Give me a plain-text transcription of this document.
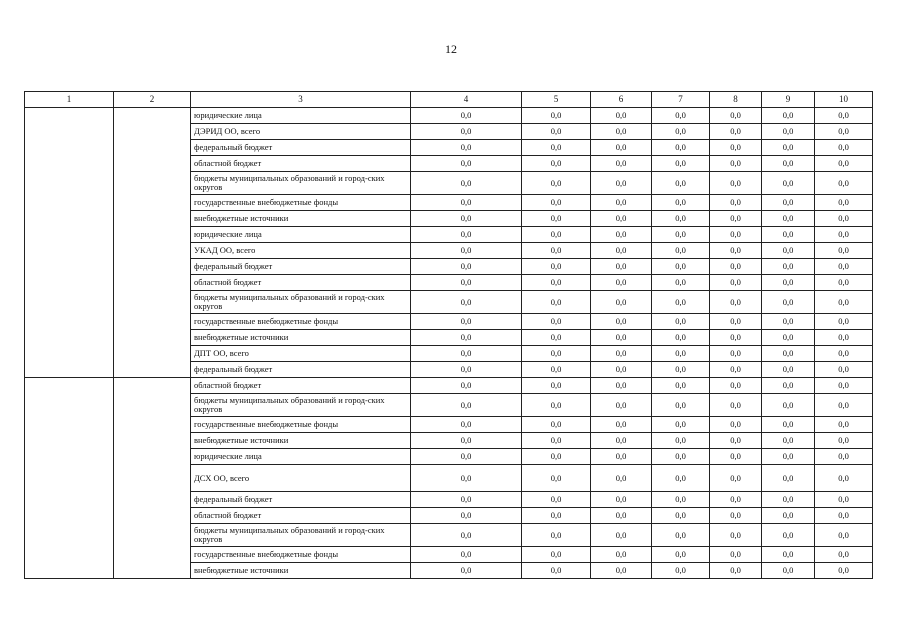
12
1	2	3	4	5	6	7	8	9	10
		юридические лица	0,0	0,0	0,0	0,0	0,0	0,0	0,0
		ДЭРИД ОО, всего	0,0	0,0	0,0	0,0	0,0	0,0	0,0
		федеральный бюджет	0,0	0,0	0,0	0,0	0,0	0,0	0,0
		областной бюджет	0,0	0,0	0,0	0,0	0,0	0,0	0,0
		бюджеты муниципальных образований и город-ских округов	0,0	0,0	0,0	0,0	0,0	0,0	0,0
		государственные внебюджетные фонды	0,0	0,0	0,0	0,0	0,0	0,0	0,0
		внебюджетные источники	0,0	0,0	0,0	0,0	0,0	0,0	0,0
		юридические лица	0,0	0,0	0,0	0,0	0,0	0,0	0,0
		УКАД ОО, всего	0,0	0,0	0,0	0,0	0,0	0,0	0,0
		федеральный бюджет	0,0	0,0	0,0	0,0	0,0	0,0	0,0
		областной бюджет	0,0	0,0	0,0	0,0	0,0	0,0	0,0
		бюджеты муниципальных образований и город-ских округов	0,0	0,0	0,0	0,0	0,0	0,0	0,0
		государственные внебюджетные фонды	0,0	0,0	0,0	0,0	0,0	0,0	0,0
		внебюджетные источники	0,0	0,0	0,0	0,0	0,0	0,0	0,0
		ДПТ ОО, всего	0,0	0,0	0,0	0,0	0,0	0,0	0,0
		федеральный бюджет	0,0	0,0	0,0	0,0	0,0	0,0	0,0
		областной бюджет	0,0	0,0	0,0	0,0	0,0	0,0	0,0
		бюджеты муниципальных образований и город-ских округов	0,0	0,0	0,0	0,0	0,0	0,0	0,0
		государственные внебюджетные фонды	0,0	0,0	0,0	0,0	0,0	0,0	0,0
		внебюджетные источники	0,0	0,0	0,0	0,0	0,0	0,0	0,0
		юридические лица	0,0	0,0	0,0	0,0	0,0	0,0	0,0
		ДСХ ОО, всего	0,0	0,0	0,0	0,0	0,0	0,0	0,0
		федеральный бюджет	0,0	0,0	0,0	0,0	0,0	0,0	0,0
		областной бюджет	0,0	0,0	0,0	0,0	0,0	0,0	0,0
		бюджеты муниципальных образований и город-ских округов	0,0	0,0	0,0	0,0	0,0	0,0	0,0
		государственные внебюджетные фонды	0,0	0,0	0,0	0,0	0,0	0,0	0,0
		внебюджетные источники	0,0	0,0	0,0	0,0	0,0	0,0	0,0
